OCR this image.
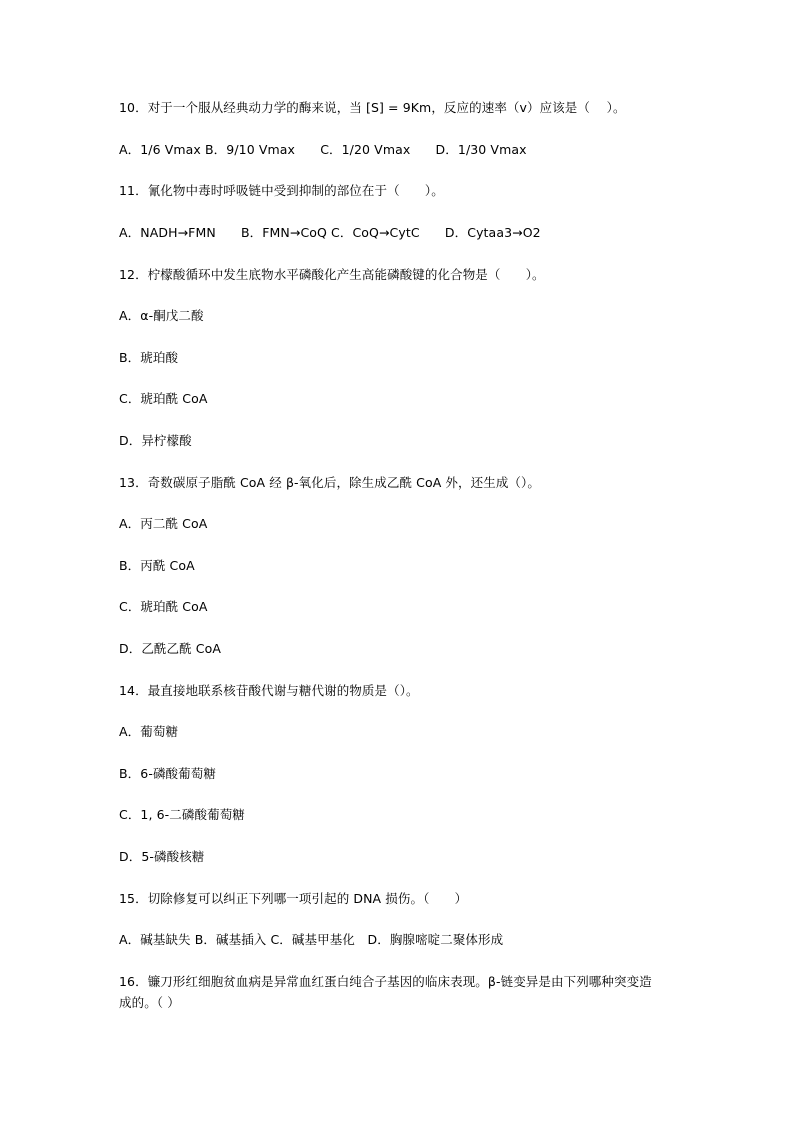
10．对于一个服从经典动力学的酶来说，当 [S] = 9Km，反应的速率（v）应该是（　 ）。
A．1/6 Vmax B．9/10 Vmax　　C．1/20 Vmax　　D．1/30 Vmax
11．氰化物中毒时呼吸链中受到抑制的部位在于（　　）。
A．NADH→FMN　　B．FMN→CoQ C．CoQ→CytC　　D．Cytaa3→O2
12．柠檬酸循环中发生底物水平磷酸化产生高能磷酸键的化合物是（　　）。
A．α-酮戊二酸
B．琥珀酸
C．琥珀酰 CoA
D．异柠檬酸
13．奇数碳原子脂酰 CoA 经 β-氧化后，除生成乙酰 CoA 外，还生成（）。
A．丙二酰 CoA
B．丙酰 CoA
C．琥珀酰 CoA
D．乙酰乙酰 CoA
14．最直接地联系核苷酸代谢与糖代谢的物质是（）。
A．葡萄糖
B．6-磷酸葡萄糖
C．1, 6-二磷酸葡萄糖
D．5-磷酸核糖
15．切除修复可以纠正下列哪一项引起的 DNA 损伤。（　　）
A．碱基缺失 B．碱基插入 C．碱基甲基化　D．胸腺嘧啶二聚体形成
16．镰刀形红细胞贫血病是异常血红蛋白纯合子基因的临床表现。β-链变异是由下列哪种突变造成的。（ ）
